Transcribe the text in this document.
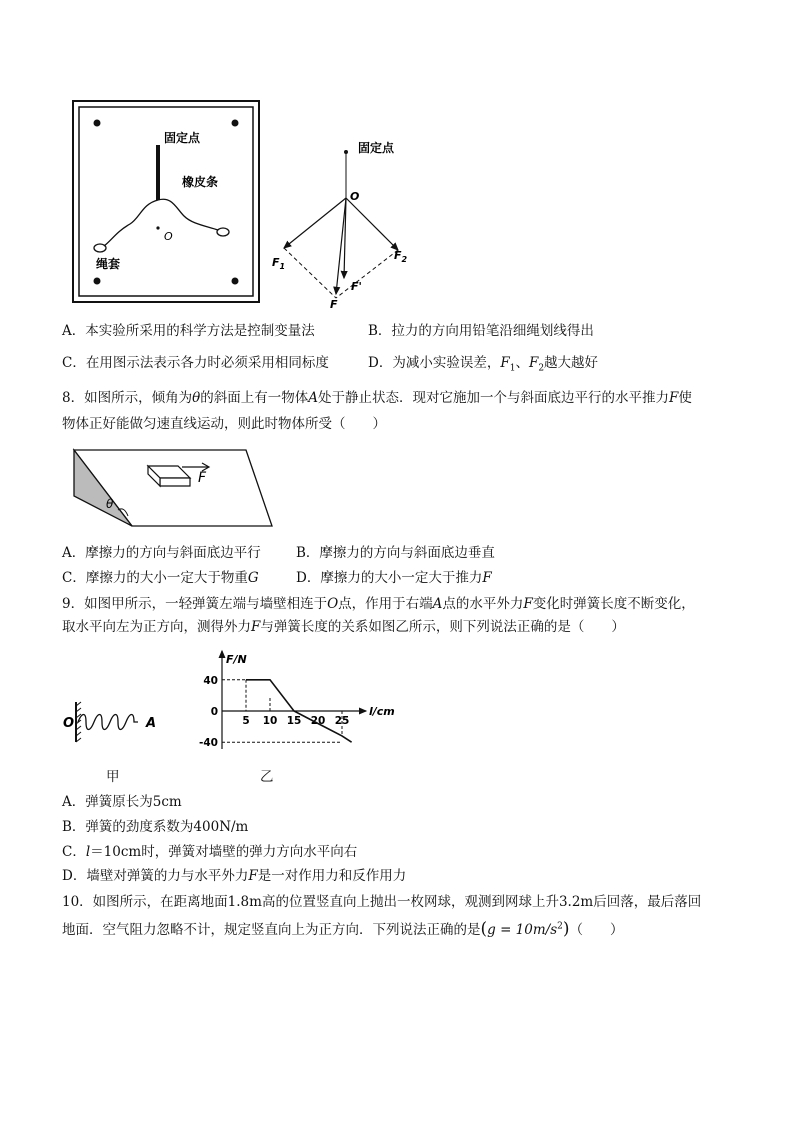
固定点
橡皮条
O
绳套
固定点
O
$F_1$
$F_2$
F
F'
A．本实验所采用的科学方法是控制变量法	B．拉力的方向用铅笔沿细绳划线得出
C．在用图示法表示各力时必须采用相同标度	D．为减小实验误差，$F_1$、$F_2$越大越好
8．如图所示，倾角为θ的斜面上有一物体A处于静止状态．现对它施加一个与斜面底边平行的水平推力F使
物体正好能做匀速直线运动，则此时物体所受（　　）
θ
F
A．摩擦力的方向与斜面底边平行	B．摩擦力的方向与斜面底边垂直
C．摩擦力的大小一定大于物重G	D．摩擦力的大小一定大于推力F
9．如图甲所示，一轻弹簧左端与墙壁相连于O点，作用于右端A点的水平外力F变化时弹簧长度不断变化，
取水平向左为正方向，测得外力F与弹簧长度的关系如图乙所示，则下列说法正确的是（　　）
O	A
F/N
l/cm
5 10 15 20 25
40
0
-40
甲	乙
A．弹簧原长为5cm
B．弹簧的劲度系数为400N/m
C．l＝10cm时，弹簧对墙壁的弹力方向水平向右
D．墙壁对弹簧的力与水平外力F是一对作用力和反作用力
10．如图所示，在距离地面1.8m高的位置竖直向上抛出一枚网球，观测到网球上升3.2m后回落，最后落回
地面．空气阻力忽略不计，规定竖直向上为正方向．下列说法正确的是$(g = 10m/s^2)$（　　）
